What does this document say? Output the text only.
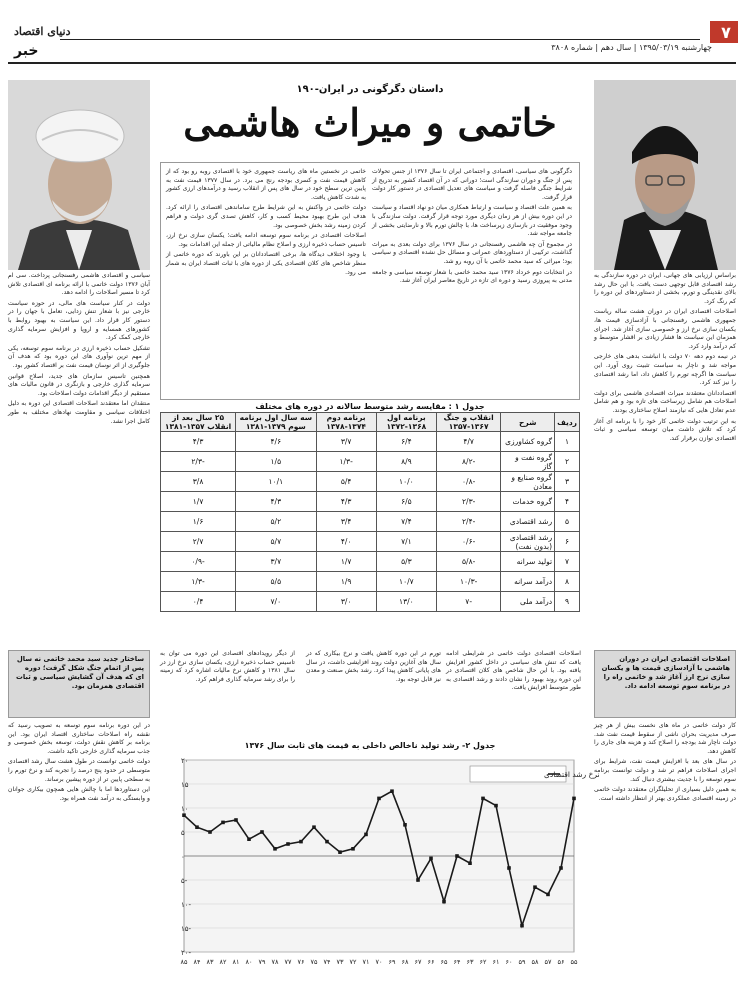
۷
دنیای اقتصاد
چهارشنبه ۱۳۹۵/۰۳/۱۹ | سال دهم | شماره ۳۸۰۸
خبر
داستان دگرگونی در ایران-۱۹۰
خاتمی و میراث هاشمی

دگرگونی های سیاسی، اقتصادی و اجتماعی ایران تا سال ۱۳۷۶ از جنس تحولات پس از جنگ و دوران سازندگی است؛ دورانی که در آن اقتصاد کشور به تدریج از شرایط جنگی فاصله گرفت و سیاست های تعدیل اقتصادی در دستور کار دولت قرار گرفت.

به همین علت اقتصاد و سیاست و ارتباط همکاری میان دو نهاد اقتصاد و سیاست در این دوره بیش از هر زمان دیگری مورد توجه قرار گرفت. دولت سازندگی با وجود موفقیت در بازسازی زیرساخت ها، با چالش تورم بالا و نارضایتی بخشی از جامعه مواجه شد.

در مجموع آن چه هاشمی رفسنجانی در سال ۱۳۷۶ برای دولت بعدی به میراث گذاشت، ترکیبی از دستاوردهای عمرانی و مسائل حل نشده اقتصادی و سیاسی بود؛ میراثی که سید محمد خاتمی با آن روبه رو شد.

در انتخابات دوم خرداد ۱۳۷۶ سید محمد خاتمی با شعار توسعه سیاسی و جامعه مدنی به پیروزی رسید و دوره ای تازه در تاریخ معاصر ایران آغاز شد.

خاتمی در نخستین ماه های ریاست جمهوری خود با اقتصادی روبه رو بود که از کاهش قیمت نفت و کسری بودجه رنج می برد. در سال ۱۳۷۷ قیمت نفت به پایین ترین سطح خود در سال های پس از انقلاب رسید و درآمدهای ارزی کشور به شدت کاهش یافت.

دولت خاتمی در واکنش به این شرایط طرح ساماندهی اقتصادی را ارائه کرد. هدف این طرح بهبود محیط کسب و کار، کاهش تصدی گری دولت و فراهم کردن زمینه رشد بخش خصوصی بود.

اصلاحات اقتصادی در برنامه سوم توسعه ادامه یافت؛ یکسان سازی نرخ ارز، تاسیس حساب ذخیره ارزی و اصلاح نظام مالیاتی از جمله این اقدامات بود.

با وجود اختلاف دیدگاه ها، برخی اقتصاددانان بر این باورند که دوره خاتمی از منظر شاخص های کلان اقتصادی یکی از دوره های با ثبات اقتصاد ایران به شمار می رود.	براساس ارزیابی های جهانی، ایران در دوره سازندگی به رشد اقتصادی قابل توجهی دست یافت. با این حال رشد بالای نقدینگی و تورم، بخشی از دستاوردهای این دوره را کم رنگ کرد.

اصلاحات اقتصادی ایران در دوران هشت ساله ریاست جمهوری هاشمی رفسنجانی با آزادسازی قیمت ها، یکسان سازی نرخ ارز و خصوصی سازی آغاز شد. اجرای همزمان این سیاست ها فشار زیادی بر اقشار متوسط و کم درآمد وارد کرد.

در نیمه دوم دهه ۷۰ دولت با انباشت بدهی های خارجی مواجه شد و ناچار به سیاست تثبیت روی آورد. این سیاست ها اگرچه تورم را کاهش داد، اما رشد اقتصادی را نیز کند کرد.

اقتصاددانان معتقدند میراث اقتصادی هاشمی برای دولت اصلاحات هم شامل زیرساخت های تازه بود و هم شامل عدم تعادل هایی که نیازمند اصلاح ساختاری بودند.

به این ترتیب دولت خاتمی کار خود را با برنامه ای آغاز کرد که تلاش داشت میان توسعه سیاسی و ثبات اقتصادی توازن برقرار کند.

سیاسی و اقتصادی هاشمی رفسنجانی پرداخت. سی ام آبان ۱۳۷۶ دولت خاتمی با ارائه برنامه ای اقتصادی تلاش کرد تا مسیر اصلاحات را ادامه دهد.

دولت در کنار سیاست های مالی، در حوزه سیاست خارجی نیز با شعار تنش زدایی، تعامل با جهان را در دستور کار قرار داد. این سیاست به بهبود روابط با کشورهای همسایه و اروپا و افزایش سرمایه گذاری خارجی کمک کرد.

تشکیل حساب ذخیره ارزی در برنامه سوم توسعه، یکی از مهم ترین نوآوری های این دوره بود که هدف آن جلوگیری از اثر نوسان قیمت نفت بر اقتصاد کشور بود.

همچنین تاسیس سازمان های جدید، اصلاح قوانین سرمایه گذاری خارجی و بازنگری در قانون مالیات های مستقیم از دیگر اقدامات دولت اصلاحات بود.

منتقدان اما معتقدند اصلاحات اقتصادی این دوره به دلیل اختلافات سیاسی و مقاومت نهادهای مختلف به طور کامل اجرا نشد.

جدول ۱ : مقایسه رشد متوسط سالانه در دوره های مختلف
ردیف	شرح	انقلاب و جنگ ۱۳۶۷-۱۳۵۷	برنامه اول ۱۳۶۸-۱۳۷۲	برنامه دوم ۱۳۷۴-۱۳۷۸	سه سال اول برنامه سوم ۱۳۷۹-۱۳۸۱	۲۵ سال بعد از انقلاب ۱۳۵۷-۱۳۸۱
۱	گروه کشاورزی	۴/۷	۶/۴	۳/۷	۴/۶	۴/۳
۲	گروه نفت و گاز	-۸/۲	۸/۹	-۱/۳	۱/۵	-۲/۳
۳	گروه صنایع و معادن	-۰/۸	۱۰/۰	۵/۴	۱۰/۱	۳/۸
۴	گروه خدمات	-۲/۳	۶/۵	۴/۳	۴/۳	۱/۷
۵	رشد اقتصادی	-۲/۴	۷/۴	۳/۴	۵/۲	۱/۶
۶	رشد اقتصادی (بدون نفت)	-۰/۶	۷/۱	۴/۰	۵/۷	۲/۷
۷	تولید سرانه	-۵/۸	۵/۳	۱/۷	۳/۷	-۰/۹
۸	درآمد سرانه	-۱۰/۳	۱۰/۷	۱/۹	۵/۵	-۱/۳
۹	درآمد ملی	-۷	۱۳/۰	۳/۰	۷/۰	۰/۴
اصلاحات اقتصادی دولت خاتمی در شرایطی ادامه یافت که تنش های سیاسی در داخل کشور افزایش یافته بود. با این حال شاخص های کلان اقتصادی در این دوره روند بهبود را نشان دادند و رشد اقتصادی به طور متوسط افزایش یافت.
تورم در این دوره کاهش یافت و نرخ بیکاری که در سال های آغازین دولت روند افزایشی داشت، در سال های پایانی کاهش پیدا کرد. رشد بخش صنعت و معدن نیز قابل توجه بود.
از دیگر رویدادهای اقتصادی این دوره می توان به تاسیس حساب ذخیره ارزی، یکسان سازی نرخ ارز در سال ۱۳۸۱ و کاهش نرخ مالیات اشاره کرد که زمینه را برای رشد سرمایه گذاری فراهم کرد.
اصلاحات اقتصادی ایران در دوران هاشمی با آزادسازی قیمت ها و یکسان سازی نرخ ارز آغاز شد و خاتمی راه را در برنامه سوم توسعه ادامه داد.
ساختار جدید سید محمد خاتمی نه سال پس از اتمام جنگ شکل گرفت؛ دوره ای که هدف آن گشایش سیاسی و ثبات اقتصادی همزمان بود.

کار دولت خاتمی در ماه های نخست بیش از هر چیز صرف مدیریت بحران ناشی از سقوط قیمت نفت شد. دولت ناچار شد بودجه را اصلاح کند و هزینه های جاری را کاهش دهد.

در سال های بعد با افزایش قیمت نفت، شرایط برای اجرای اصلاحات فراهم تر شد و دولت توانست برنامه سوم توسعه را با جدیت بیشتری دنبال کند.

به همین دلیل بسیاری از تحلیلگران معتقدند دولت خاتمی در زمینه اقتصادی عملکردی بهتر از انتظار داشته است.

در این دوره برنامه سوم توسعه به تصویب رسید که نقشه راه اصلاحات ساختاری اقتصاد ایران بود. این برنامه بر کاهش نقش دولت، توسعه بخش خصوصی و جذب سرمایه گذاری خارجی تاکید داشت.

دولت خاتمی توانست در طول هشت سال رشد اقتصادی متوسطی در حدود پنج درصد را تجربه کند و نرخ تورم را به سطحی پایین تر از دوره پیشین برساند.

این دستاوردها اما با چالش هایی همچون بیکاری جوانان و وابستگی به درآمد نفت همراه بود.

جدول ۲- رشد تولید ناخالص داخلی به قیمت های ثابت سال ۱۳۷۶
۲۰
۱۵
۱۰
۵
۰
-۵
-۱۰
-۱۵
-۲۰
۵۵
۵۶
۵۷
۵۸
۵۹
۶۰
۶۱
۶۲
۶۳
۶۴
۶۵
۶۶
۶۷
۶۸
۶۹
۷۰
۷۱
۷۲
۷۳
۷۴
۷۵
۷۶
۷۷
۷۸
۷۹
۸۰
۸۱
۸۲
۸۳
۸۴
۸۵
نرخ رشد اقتصادی
